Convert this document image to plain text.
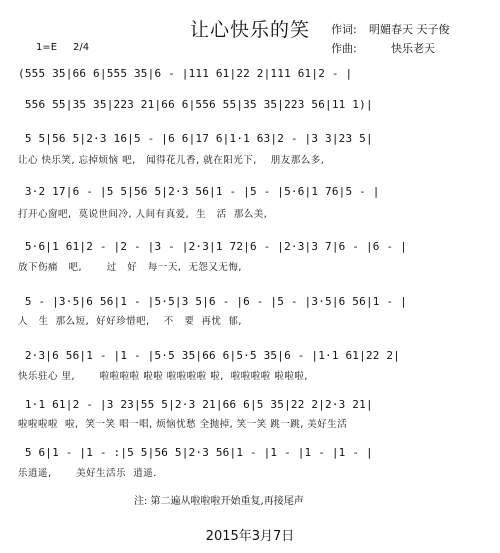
让心快乐的笑	作词: 明媚春天 天子俊
作曲:	快乐老天
1=E 2/4
(555 35|66 6|555 35|6 - |111 61|22 2|111 61|2 - |
556 55|35 35|223 21|66 6|556 55|35 35|223 56|11 1)|
5 5|56 5|2·3 16|5 - |6 6|17 6|1·1 63|2 - |3 3|23 5|
让心 快乐笑, 忘掉烦恼 吧,   闻得花儿香, 就在阳光下,    朋友那么多,
3·2 17|6 - |5 5|56 5|2·3 56|1 - |5 - |5·6|1 76|5 - |
打开心窗吧,  莫说世间冷, 人间有真爱,  生   活  那么美,
5·6|1 61|2 - |2 - |3 - |2·3|1 72|6 - |2·3|3 7|6 - |6 - |
放下伤痛   吧,       过   好   每一天,  无怨又无悔,
5 - |3·5|6 56|1 - |5·5|3 5|6 - |6 - |5 - |3·5|6 56|1 - |
人   生  那么短,  好好珍惜吧,    不   要  再忧  郁,
2·3|6 56|1 - |1 - |5·5 35|66 6|5·5 35|6 - |1·1 61|22 2|
快乐驻心 里,       啦啦啦啦 啦啦 啦啦啦啦 啦,  啦啦啦啦 啦啦啦,
1·1 61|2 - |3 23|55 5|2·3 21|66 6|5 35|22 2|2·3 21|
啦啦啦啦  啦,  笑一笑 唱一唱, 烦恼忧愁 全抛掉, 笑一笑 跳一跳, 美好生活
5 6|1 - |1 - :|5 5|56 5|2·3 56|1 - |1 - |1 - |1 - |
乐逍遥,       美好生活乐  逍遥.
注: 第二遍从啦啦啦开始重复,再接尾声
2015年3月7日
